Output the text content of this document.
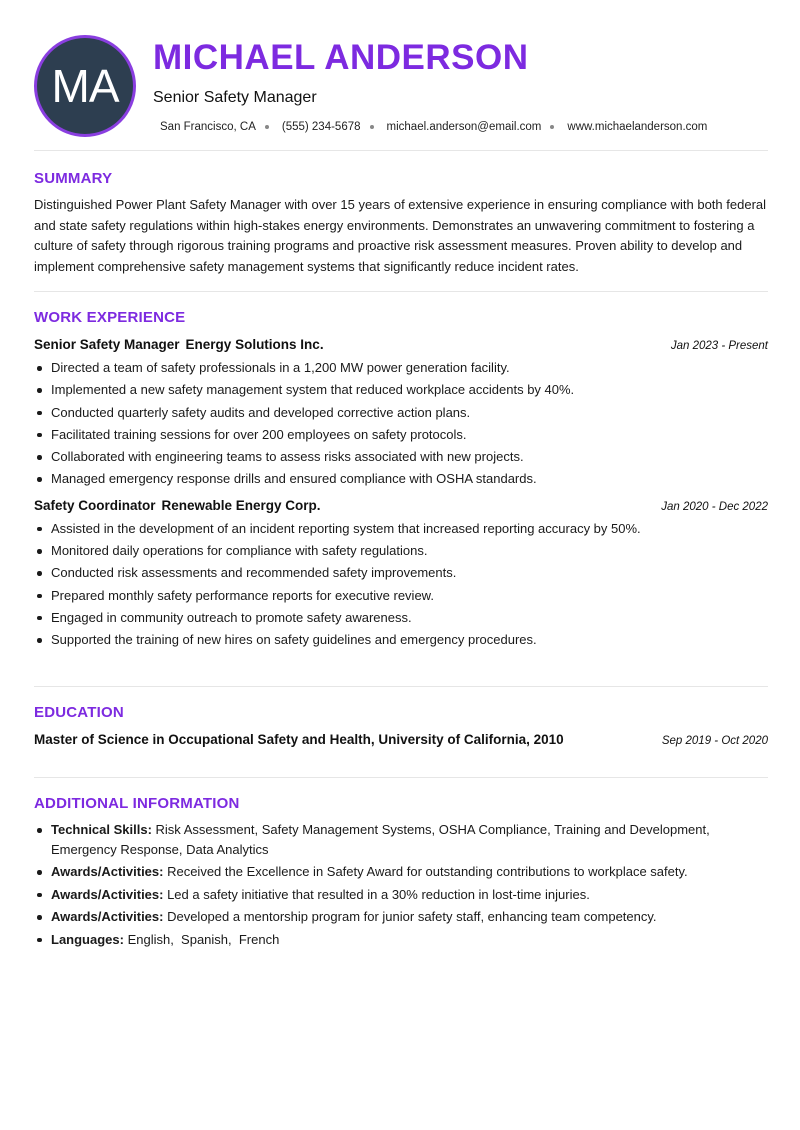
MA
MICHAEL ANDERSON
Senior Safety Manager
San Francisco, CA (555) 234-5678 michael.anderson@email.com www.michaelanderson.com
SUMMARY

Distinguished Power Plant Safety Manager with over 15 years of extensive experience in ensuring compliance with both federal and state safety regulations within high-stakes energy environments. Demonstrates an unwavering commitment to fostering a culture of safety through rigorous training programs and proactive risk assessment measures. Proven ability to develop and implement comprehensive safety management systems that significantly reduce incident rates.

WORK EXPERIENCE
Senior Safety Manager Energy Solutions Inc.	Jan 2023 - Present
Directed a team of safety professionals in a 1,200 MW power generation facility.
Implemented a new safety management system that reduced workplace accidents by 40%.
Conducted quarterly safety audits and developed corrective action plans.
Facilitated training sessions for over 200 employees on safety protocols.
Collaborated with engineering teams to assess risks associated with new projects.
Managed emergency response drills and ensured compliance with OSHA standards.
Safety Coordinator Renewable Energy Corp.	Jan 2020 - Dec 2022
Assisted in the development of an incident reporting system that increased reporting accuracy by 50%.
Monitored daily operations for compliance with safety regulations.
Conducted risk assessments and recommended safety improvements.
Prepared monthly safety performance reports for executive review.
Engaged in community outreach to promote safety awareness.
Supported the training of new hires on safety guidelines and emergency procedures.
EDUCATION
Master of Science in Occupational Safety and Health, University of California, 2010	Sep 2019 - Oct 2020
ADDITIONAL INFORMATION
Technical Skills: Risk Assessment, Safety Management Systems, OSHA Compliance, Training and Development, Emergency Response, Data Analytics
Awards/Activities: Received the Excellence in Safety Award for outstanding contributions to workplace safety.
Awards/Activities: Led a safety initiative that resulted in a 30% reduction in lost-time injuries.
Awards/Activities: Developed a mentorship program for junior safety staff, enhancing team competency.
Languages: English,  Spanish,  French
